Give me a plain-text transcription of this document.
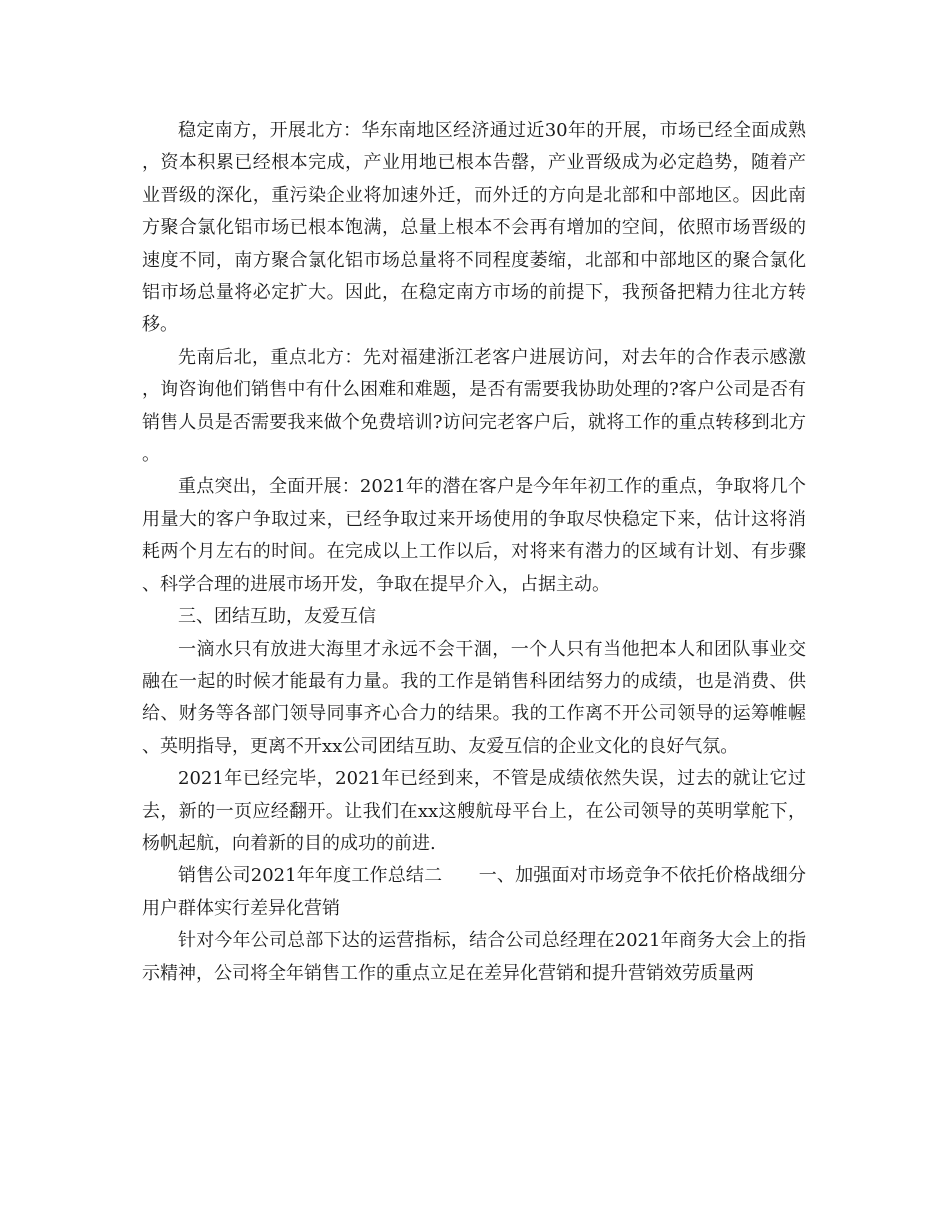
稳定南方，开展北方：华东南地区经济通过近30年的开展，市场已经全面成熟，资本积累已经根本完成，产业用地已根本告罄，产业晋级成为必定趋势，随着产业晋级的深化，重污染企业将加速外迁，而外迁的方向是北部和中部地区。因此南方聚合氯化铝市场已根本饱满，总量上根本不会再有增加的空间，依照市场晋级的速度不同，南方聚合氯化铝市场总量将不同程度萎缩，北部和中部地区的聚合氯化铝市场总量将必定扩大。因此，在稳定南方市场的前提下，我预备把精力往北方转移。

先南后北，重点北方：先对福建浙江老客户进展访问，对去年的合作表示感激，询咨询他们销售中有什么困难和难题，是否有需要我协助处理的?客户公司是否有销售人员是否需要我来做个免费培训?访问完老客户后，就将工作的重点转移到北方。

重点突出，全面开展：2021年的潜在客户是今年年初工作的重点，争取将几个用量大的客户争取过来，已经争取过来开场使用的争取尽快稳定下来，估计这将消耗两个月左右的时间。在完成以上工作以后，对将来有潜力的区域有计划、有步骤、科学合理的进展市场开发，争取在提早介入，占据主动。

三、团结互助，友爱互信

一滴水只有放进大海里才永远不会干涸，一个人只有当他把本人和团队事业交融在一起的时候才能最有力量。我的工作是销售科团结努力的成绩，也是消费、供给、财务等各部门领导同事齐心合力的结果。我的工作离不开公司领导的运筹帷幄、英明指导，更离不开xx公司团结互助、友爱互信的企业文化的良好气氛。

2021年已经完毕，2021年已经到来，不管是成绩依然失误，过去的就让它过去，新的一页应经翻开。让我们在xx这艘航母平台上，在公司领导的英明掌舵下，杨帆起航，向着新的目的成功的前进.

销售公司2021年年度工作总结二　　一、加强面对市场竞争不依托价格战细分用户群体实行差异化营销

针对今年公司总部下达的运营指标，结合公司总经理在2021年商务大会上的指示精神，公司将全年销售工作的重点立足在差异化营销和提升营销效劳质量两
